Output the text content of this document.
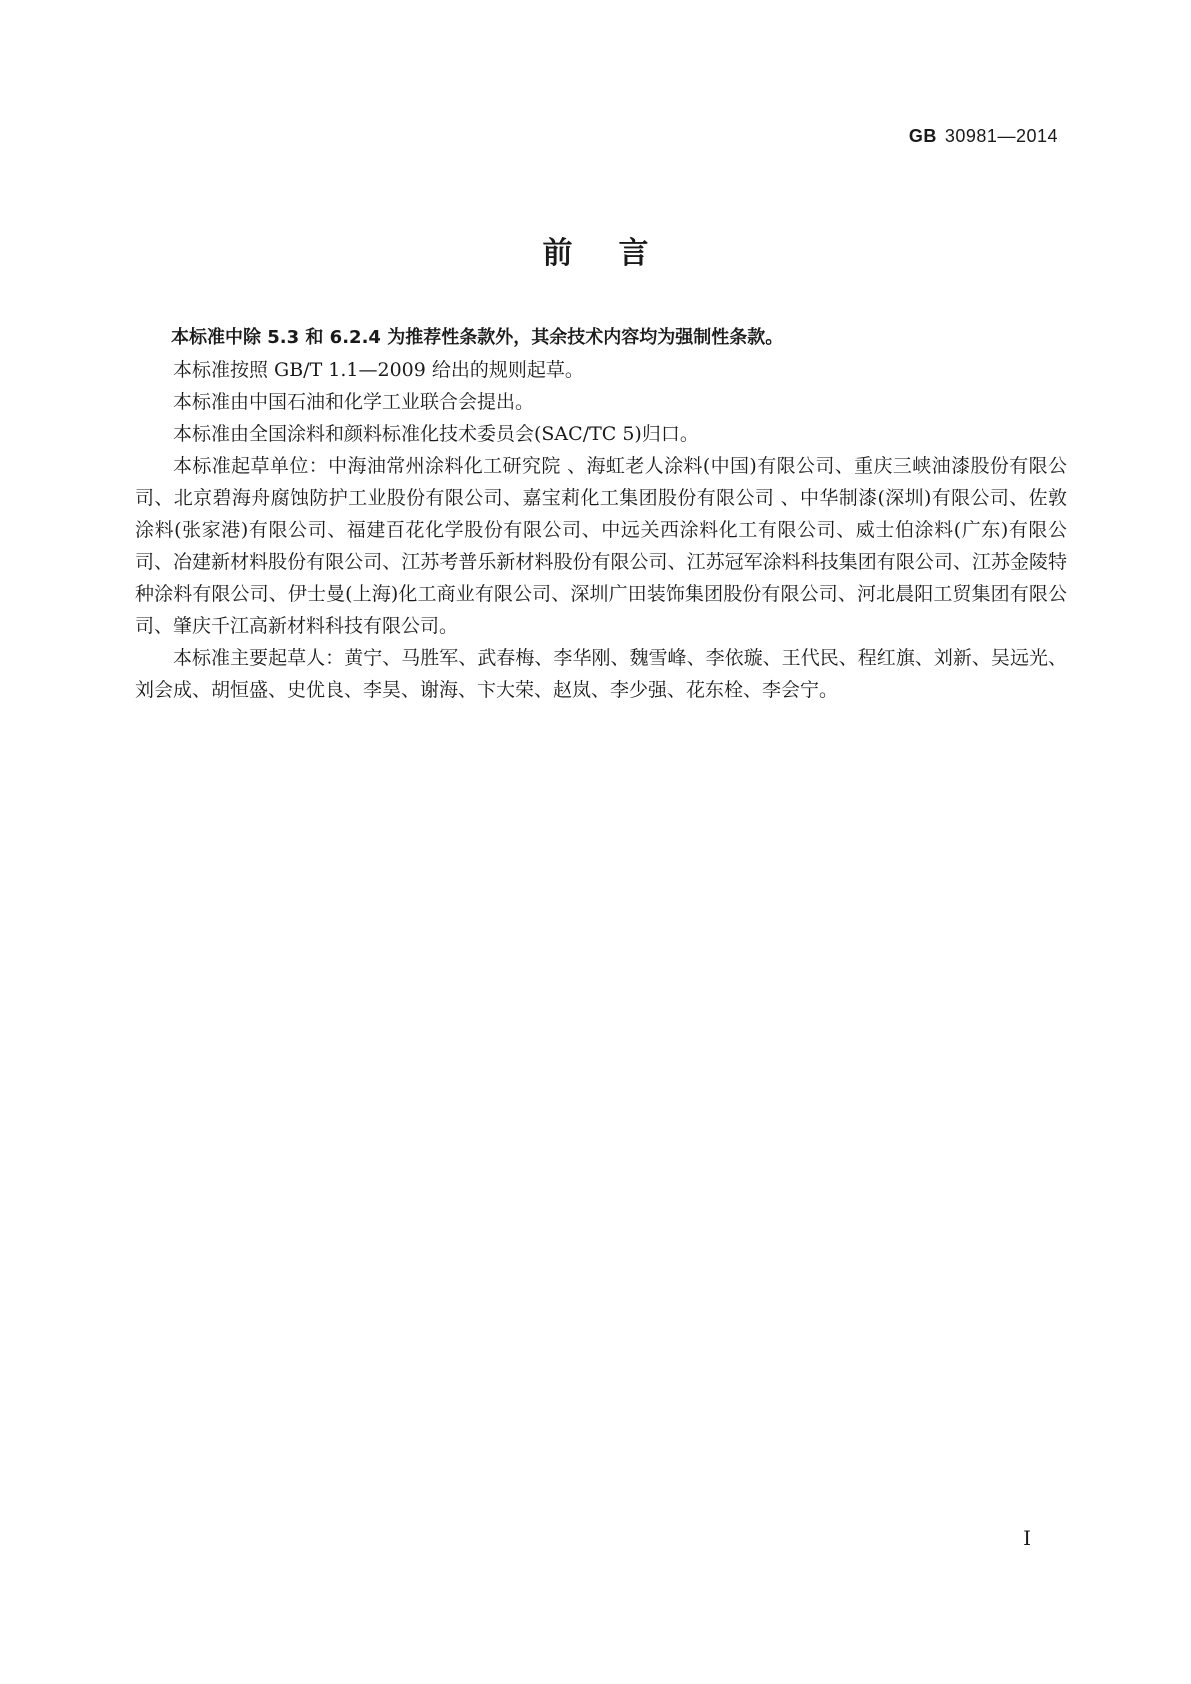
GB 30981—2014
前言

本标准中除 5.3 和 6.2.4 为推荐性条款外，其余技术内容均为强制性条款。

本标准按照 GB/T 1.1—2009 给出的规则起草。

本标准由中国石油和化学工业联合会提出。

本标准由全国涂料和颜料标准化技术委员会(SAC/TC 5)归口。

本标准起草单位：中海油常州涂料化工研究院 、海虹老人涂料(中国)有限公司、重庆三峡油漆股份有限公司、北京碧海舟腐蚀防护工业股份有限公司、嘉宝莉化工集团股份有限公司 、中华制漆(深圳)有限公司、佐敦涂料(张家港)有限公司、福建百花化学股份有限公司、中远关西涂料化工有限公司、威士伯涂料(广东)有限公司、冶建新材料股份有限公司、江苏考普乐新材料股份有限公司、江苏冠军涂料科技集团有限公司、江苏金陵特种涂料有限公司、伊士曼(上海)化工商业有限公司、深圳广田装饰集团股份有限公司、河北晨阳工贸集团有限公司、肇庆千江高新材料科技有限公司。

本标准主要起草人：黄宁、马胜军、武春梅、李华刚、魏雪峰、李依璇、王代民、程红旗、刘新、吴远光、刘会成、胡恒盛、史优良、李昊、谢海、卞大荣、赵岚、李少强、花东栓、李会宁。

I
